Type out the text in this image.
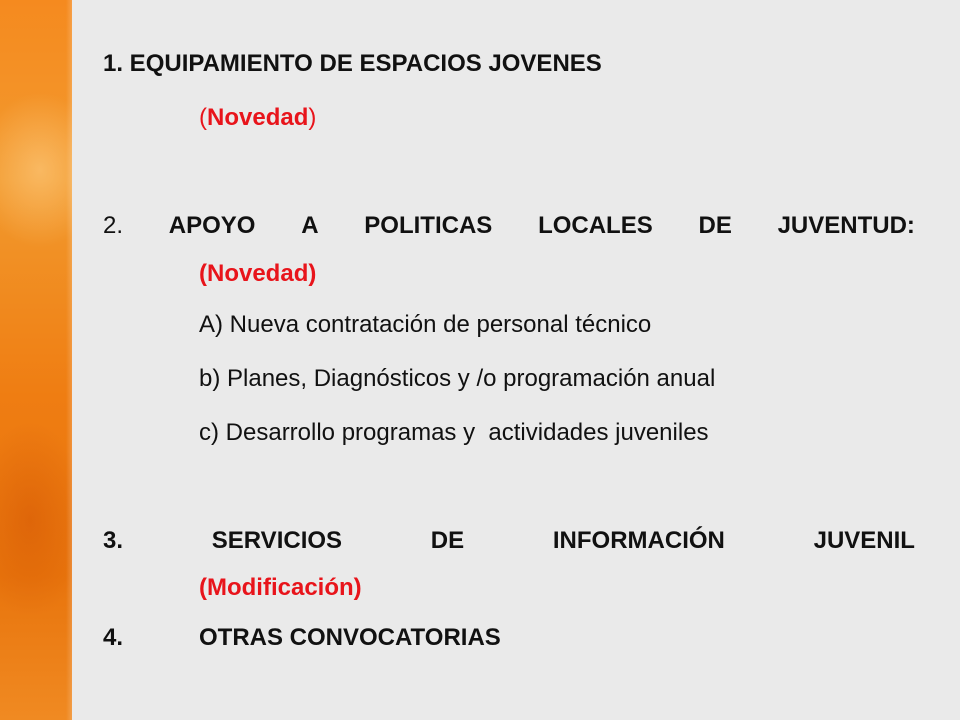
1. EQUIPAMIENTO DE ESPACIOS JOVENES
(Novedad)
2. APOYO A POLITICAS LOCALES DE JUVENTUD:
(Novedad)
A) Nueva contratación de personal técnico
b) Planes, Diagnósticos y /o programación anual
c) Desarrollo programas y  actividades juveniles
3.	SERVICIOS	DE	INFORMACIÓN	JUVENIL
(Modificación)
4.	OTRAS CONVOCATORIAS
